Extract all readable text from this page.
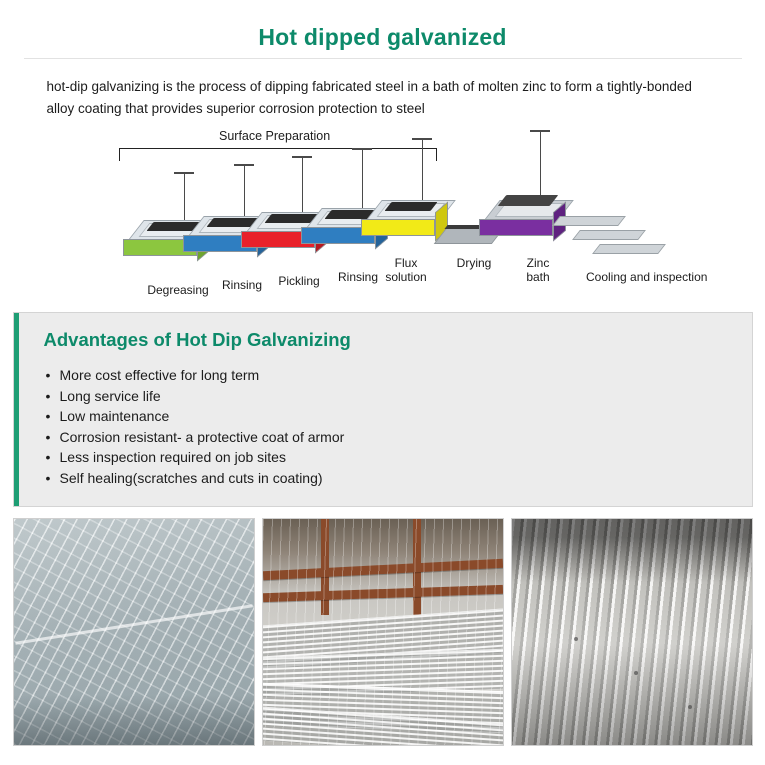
Hot dipped galvanized
hot-dip galvanizing is the process of dipping fabricated steel in a bath of molten zinc to form a tightly-bonded alloy coating that provides superior corrosion protection to steel
Surface Preparation
Degreasing	Rinsing	Pickling	Rinsing
Flux
solution
Drying	Zinc
bath	Cooling and inspection
Advantages of Hot Dip Galvanizing
• More cost effective for long term
• Long service life
• Low maintenance
• Corrosion resistant- a protective coat of armor
• Less inspection required on job sites
• Self healing(scratches and cuts in coating)
